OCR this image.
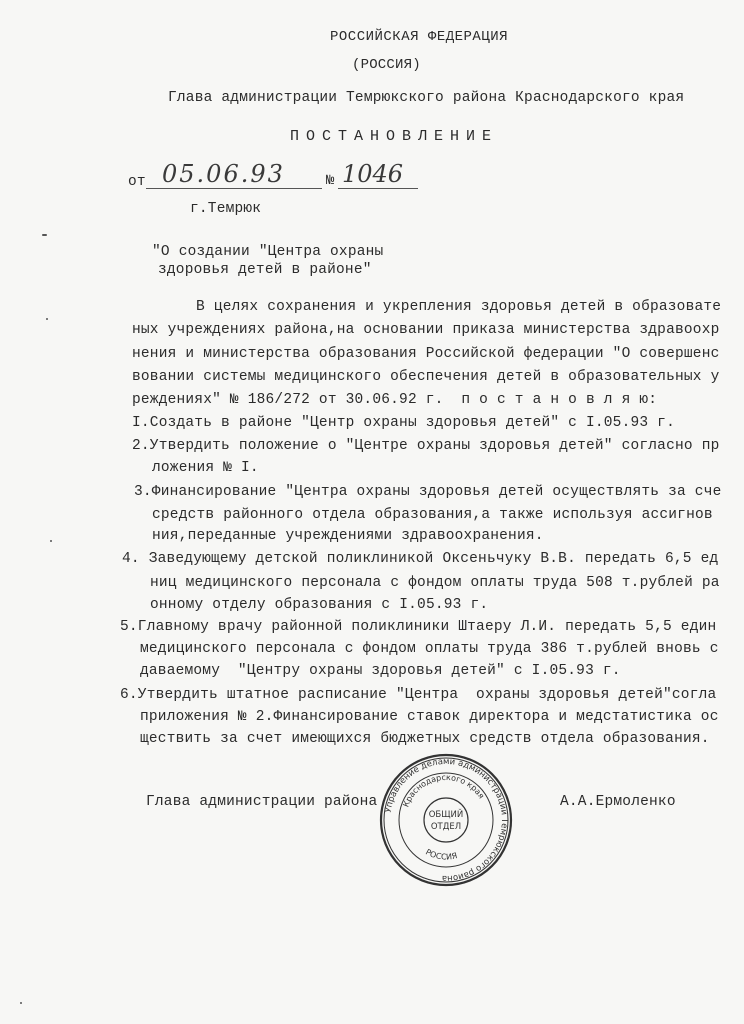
РОССИЙСКАЯ ФЕДЕРАЦИЯ
(РОССИЯ)
Глава администрации Темрюкского района Краснодарского края
ПОСТАНОВЛЕНИЕ
от 05.06.93	№ 1046
г.Темрюк
"О создании "Центра охраны
здоровья детей в районе"
В целях сохранения и укрепления здоровья детей в образовате
ных учреждениях района,на основании приказа министерства здравоохр
нения и министерства образования Российской федерации "О совершенс
вовании системы медицинского обеспечения детей в образовательных у
реждениях" № 186/272 от 30.06.92 г.  п о с т а н о в л я ю:
I.Создать в районе "Центр охраны здоровья детей" с I.05.93 г.
2.Утвердить положение о "Центре охраны здоровья детей" согласно пр
ложения № I.
3.Финансирование "Центра охраны здоровья детей осуществлять за сче
средств районного отдела образования,а также используя ассигнов
ния,переданные учреждениями здравоохранения.
4. Заведующему детской поликлиникой Оксеньчуку В.В. передать 6,5 ед
ниц медицинского персонала с фондом оплаты труда 508 т.рублей ра
онному отделу образования с I.05.93 г.
5.Главному врачу районной поликлиники Штаеру Л.И. передать 5,5 един
медицинского персонала с фондом оплаты труда 386 т.рублей вновь с
даваемому  "Центру охраны здоровья детей" с I.05.93 г.
6.Утвердить штатное расписание "Центра  охраны здоровья детей"согла
приложения № 2.Финансирование ставок директора и медстатистика ос
ществить за счет имеющихся бюджетных средств отдела образования.
Глава администрации района	А.А.Ермоленко
Управление делами администрации Темрюкского района
Краснодарского края
РОССИЯ
ОБЩИЙ
ОТДЕЛ
